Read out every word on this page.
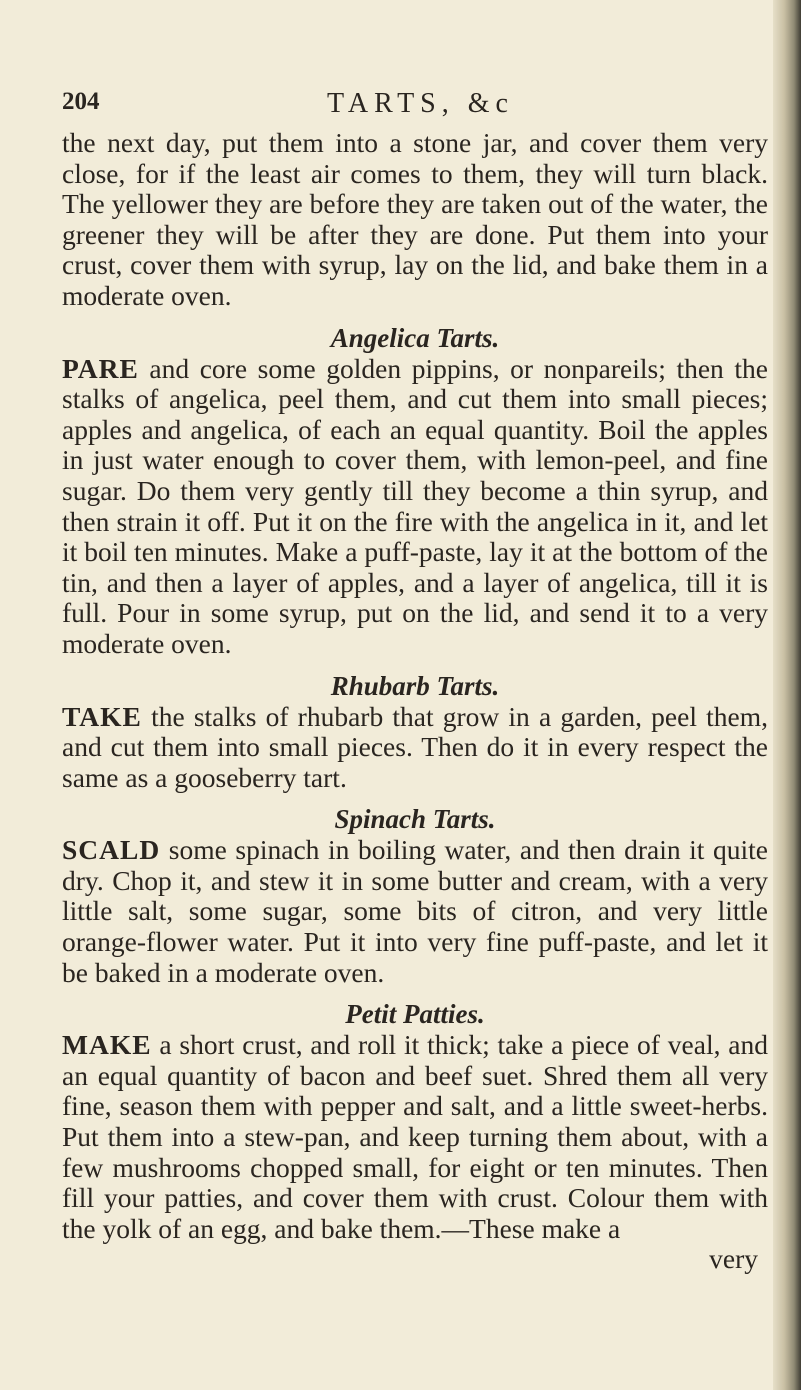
204	TARTS, &c

the next day, put them into a stone jar, and cover them very close, for if the least air comes to them, they will turn black. The yellower they are before they are taken out of the water, the greener they will be after they are done. Put them into your crust, cover them with syrup, lay on the lid, and bake them in a moderate oven.

Angelica Tarts.

PARE and core some golden pippins, or nonpareils; then the stalks of angelica, peel them, and cut them into small pieces; apples and angelica, of each an equal quantity. Boil the apples in just water enough to cover them, with lemon-peel, and fine sugar. Do them very gently till they become a thin syrup, and then strain it off. Put it on the fire with the angelica in it, and let it boil ten minutes. Make a puff-paste, lay it at the bottom of the tin, and then a layer of apples, and a layer of angelica, till it is full. Pour in some syrup, put on the lid, and send it to a very moderate oven.

Rhubarb Tarts.

TAKE the stalks of rhubarb that grow in a garden, peel them, and cut them into small pieces. Then do it in every respect the same as a gooseberry tart.

Spinach Tarts.

SCALD some spinach in boiling water, and then drain it quite dry. Chop it, and stew it in some butter and cream, with a very little salt, some sugar, some bits of citron, and very little orange-flower water. Put it into very fine puff-paste, and let it be baked in a moderate oven.

Petit Patties.

MAKE a short crust, and roll it thick; take a piece of veal, and an equal quantity of bacon and beef suet. Shred them all very fine, season them with pepper and salt, and a little sweet-herbs. Put them into a stew-pan, and keep turning them about, with a few mushrooms chopped small, for eight or ten minutes. Then fill your patties, and cover them with crust. Colour them with the yolk of an egg, and bake them.—These make a

very
